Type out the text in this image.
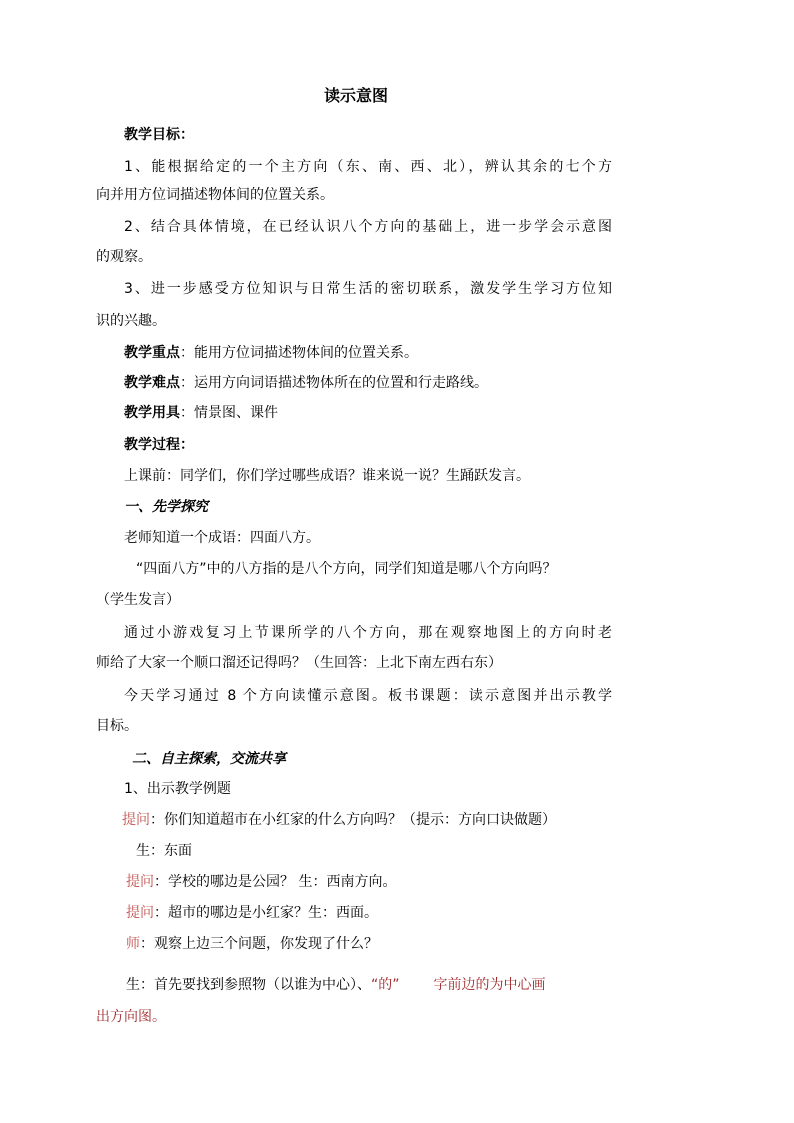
读示意图
教学目标：
1、能根据给定的一个主方向（东、南、西、北），辨认其余的七个方
向并用方位词描述物体间的位置关系。
2、结合具体情境，在已经认识八个方向的基础上，进一步学会示意图
的观察。
3、进一步感受方位知识与日常生活的密切联系，激发学生学习方位知
识的兴趣。
教学重点：能用方位词描述物体间的位置关系。
教学难点：运用方向词语描述物体所在的位置和行走路线。
教学用具：情景图、课件
教学过程：
上课前：同学们，你们学过哪些成语？谁来说一说？生踊跃发言。
一、先学探究
老师知道一个成语：四面八方。
“四面八方”中的八方指的是八个方向，同学们知道是哪八个方向吗？
（学生发言）
通过小游戏复习上节课所学的八个方向，那在观察地图上的方向时老
师给了大家一个顺口溜还记得吗？（生回答：上北下南左西右东）
今天学习通过 8 个方向读懂示意图。板书课题：读示意图并出示教学
目标。
二、自主探索，交流共享
1、出示教学例题
提问：你们知道超市在小红家的什么方向吗？（提示：方向口诀做题）
生：东面
提问：学校的哪边是公园？ 生：西南方向。
提问：超市的哪边是小红家？生：西面。
师：观察上边三个问题，你发现了什么？
生：首先要找到参照物（以谁为中心）、“的” 字前边的为中心画
出方向图。
